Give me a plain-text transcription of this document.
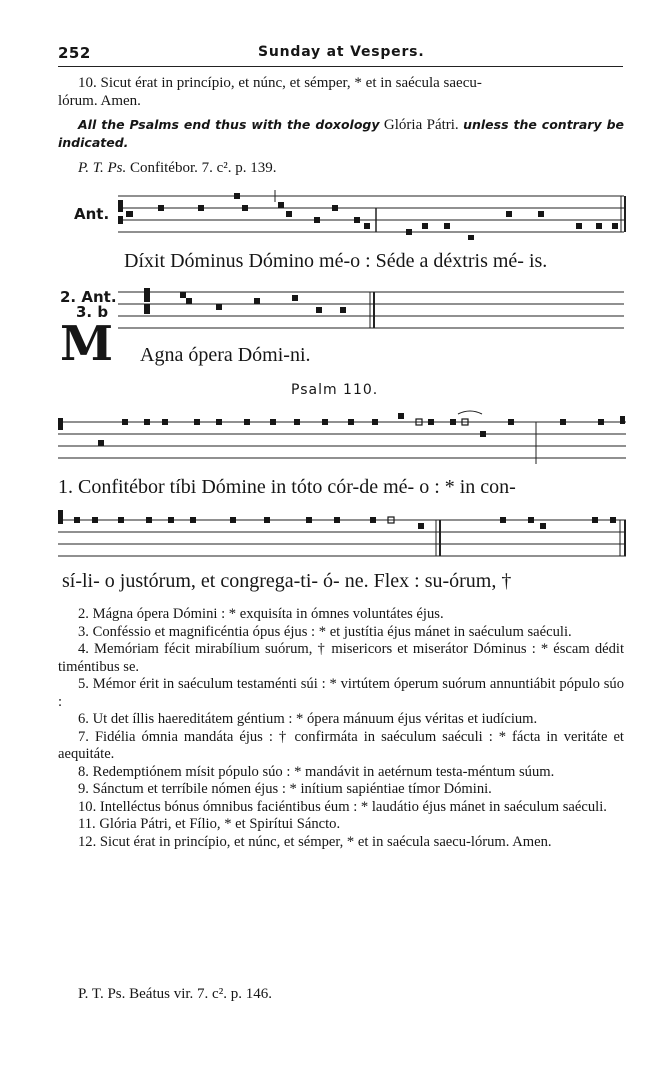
252	Sunday at Vespers.
10. Sicut érat in princípio, et núnc, et sémper, * et in saécula saecu-
lórum. Amen.
All the Psalms end thus with the doxology Glória Pátri. unless the contrary be indicated.
P. T. Ps. Confitébor. 7. c². p. 139.
Ant.
Díxit Dóminus Dómino mé-o : Séde a déxtris mé- is.
2. Ant.
3. b
M Agna ópera Dómi-ni.
Psalm 110.
1. Confitébor tíbi Dómine in tóto cór-de mé- o : * in con-
sí-li- o justórum, et congrega-ti- ó- ne. Flex : su-órum, †
2. Mágna ópera Dómini : * exquisíta in ómnes voluntátes éjus.
3. Conféssio et magnificéntia ópus éjus : * et justítia éjus mánet in saéculum saéculi.
4. Memóriam fécit mirabílium suórum, † misericors et miserátor Dóminus : * éscam dédit timéntibus se.
5. Mémor érit in saéculum testaménti súi : * virtútem óperum suórum annuntiábit pópulo súo :
6. Ut det íllis haereditátem géntium : * ópera mánuum éjus véritas et iudícium.
7. Fidélia ómnia mandáta éjus : † confirmáta in saéculum saéculi : * fácta in veritáte et aequitáte.
8. Redemptiónem mísit pópulo súo : * mandávit in aetérnum testa-méntum súum.
9. Sánctum et terríbile nómen éjus : * inítium sapiéntiae tímor Dómini.
10. Intelléctus bónus ómnibus faciéntibus éum : * laudátio éjus mánet in saéculum saéculi.
11. Glória Pátri, et Fílio, * et Spirítui Sáncto.
12. Sicut érat in princípio, et núnc, et sémper, * et in saécula saecu-lórum. Amen.
P. T. Ps. Beátus vir. 7. c². p. 146.
